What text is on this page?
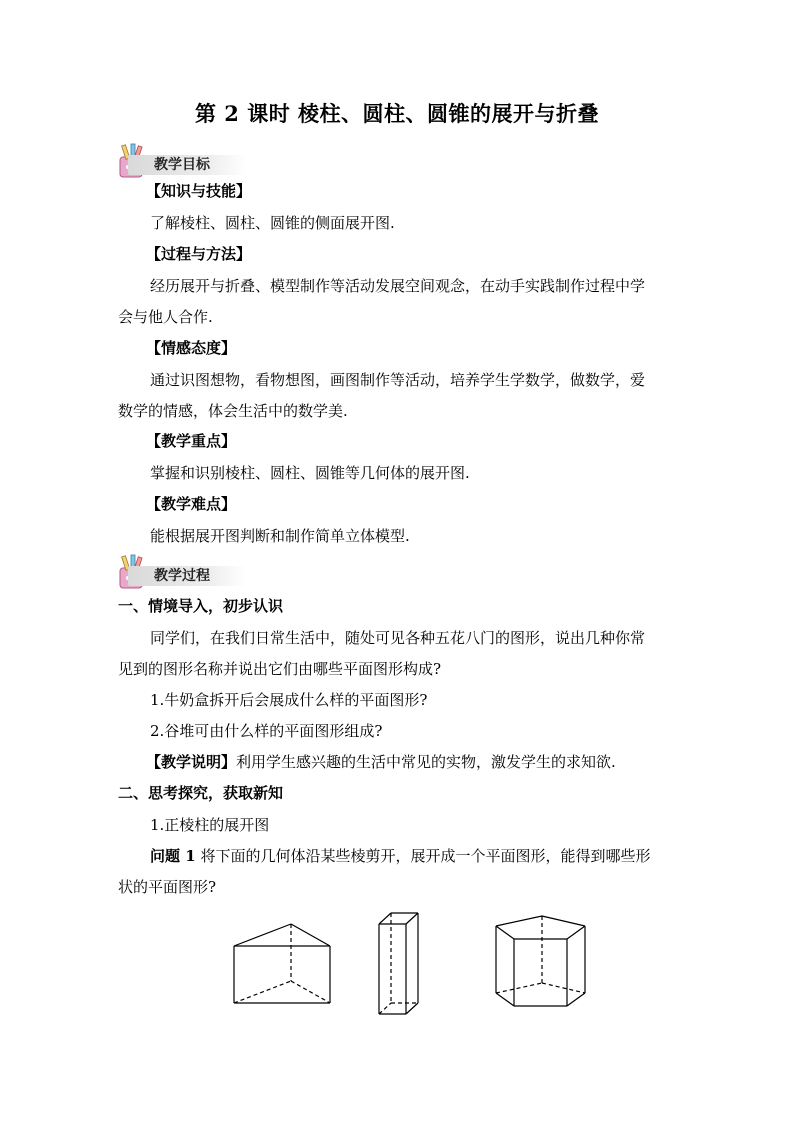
第 2 课时 棱柱、圆柱、圆锥的展开与折叠
教学目标
【知识与技能】
了解棱柱、圆柱、圆锥的侧面展开图.
【过程与方法】
经历展开与折叠、模型制作等活动发展空间观念，在动手实践制作过程中学
会与他人合作.
【情感态度】
通过识图想物，看物想图，画图制作等活动，培养学生学数学，做数学，爱
数学的情感，体会生活中的数学美.
【教学重点】
掌握和识别棱柱、圆柱、圆锥等几何体的展开图.
【教学难点】
能根据展开图判断和制作简单立体模型.
教学过程
一、情境导入，初步认识
同学们，在我们日常生活中，随处可见各种五花八门的图形，说出几种你常
见到的图形名称并说出它们由哪些平面图形构成?
1.牛奶盒拆开后会展成什么样的平面图形?
2.谷堆可由什么样的平面图形组成?
【教学说明】利用学生感兴趣的生活中常见的实物，激发学生的求知欲.
二、思考探究，获取新知
1.正棱柱的展开图
问题 1 将下面的几何体沿某些棱剪开，展开成一个平面图形，能得到哪些形
状的平面图形?
